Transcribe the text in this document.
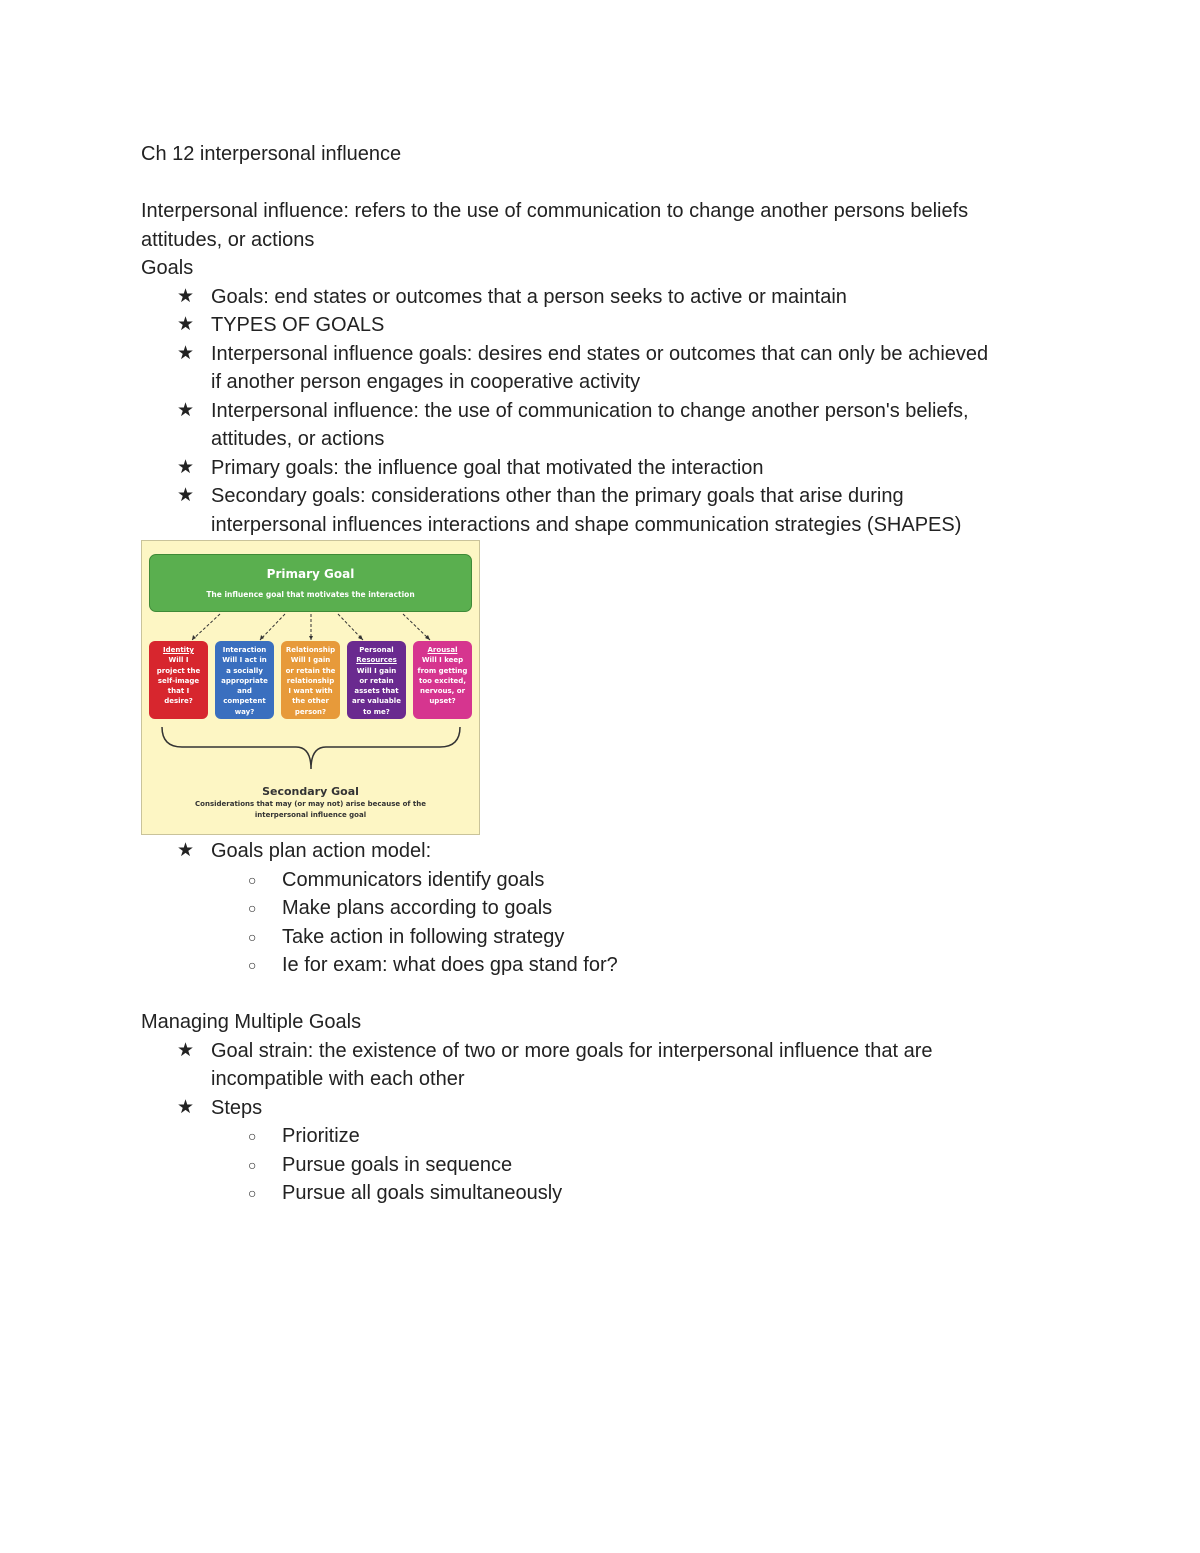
Ch 12 interpersonal influence

Interpersonal influence: refers to the use of communication to change another persons beliefs

attitudes, or actions

Goals

★ Goals: end states or outcomes that a person seeks to active or maintain
★ TYPES OF GOALS
★ Interpersonal influence goals: desires end states or outcomes that can only be achieved
if another person engages in cooperative activity
★ Interpersonal influence: the use of communication to change another person's beliefs,
attitudes, or actions
★ Primary goals: the influence goal that motivated the interaction
★ Secondary goals: considerations other than the primary goals that arise during
interpersonal influences interactions and shape communication strategies (SHAPES)
Primary Goal
The influence goal that motivates the interaction
Identity
Will I
project the
self-image
that I
desire?
Interaction
Will I act in
a socially
appropriate
and
competent
way?
Relationship
Will I gain
or retain the
relationship
I want with
the other
person?
Personal
Resources
Will I gain
or retain
assets that
are valuable
to me?
Arousal
Will I keep
from getting
too excited,
nervous, or
upset?
Secondary Goal
Considerations that may (or may not) arise because of the
interpersonal influence goal
★ Goals plan action model:
○ Communicators identify goals
○ Make plans according to goals
○ Take action in following strategy
○ Ie for exam: what does gpa stand for?

Managing Multiple Goals

★ Goal strain: the existence of two or more goals for interpersonal influence that are
incompatible with each other
★ Steps
○ Prioritize
○ Pursue goals in sequence
○ Pursue all goals simultaneously
